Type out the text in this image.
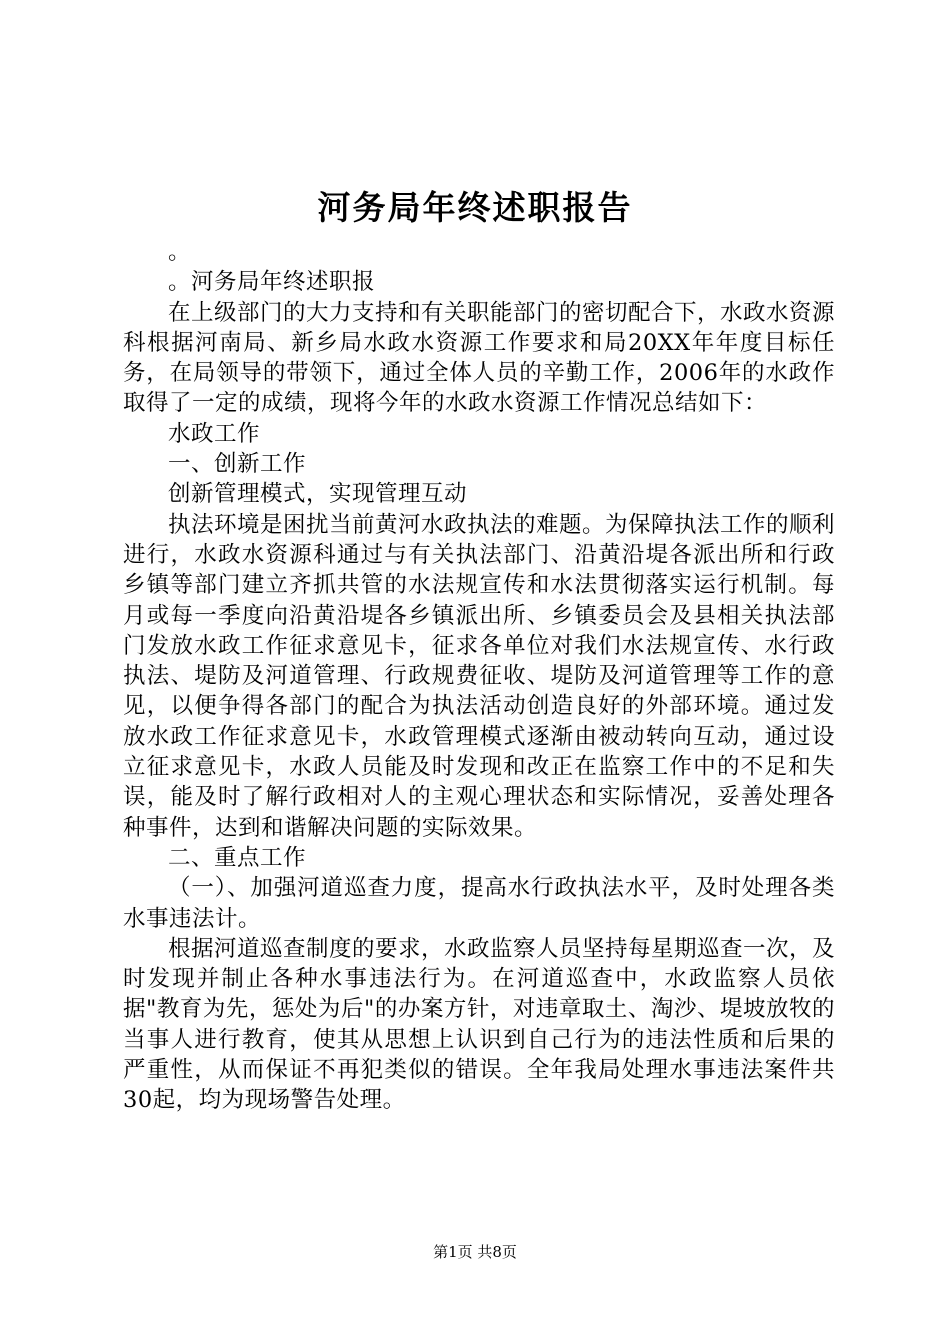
河务局年终述职报告

。

。河务局年终述职报

在上级部门的大力支持和有关职能部门的密切配合下，水政水资源科根据河南局、新乡局水政水资源工作要求和局20XX年年度目标任务，在局领导的带领下，通过全体人员的辛勤工作，2006年的水政作取得了一定的成绩，现将今年的水政水资源工作情况总结如下：

水政工作

一、创新工作

创新管理模式，实现管理互动

执法环境是困扰当前黄河水政执法的难题。为保障执法工作的顺利进行，水政水资源科通过与有关执法部门、沿黄沿堤各派出所和行政乡镇等部门建立齐抓共管的水法规宣传和水法贯彻落实运行机制。每月或每一季度向沿黄沿堤各乡镇派出所、乡镇委员会及县相关执法部门发放水政工作征求意见卡，征求各单位对我们水法规宣传、水行政执法、堤防及河道管理、行政规费征收、堤防及河道管理等工作的意见，以便争得各部门的配合为执法活动创造良好的外部环境。通过发放水政工作征求意见卡，水政管理模式逐渐由被动转向互动，通过设立征求意见卡，水政人员能及时发现和改正在监察工作中的不足和失误，能及时了解行政相对人的主观心理状态和实际情况，妥善处理各种事件，达到和谐解决问题的实际效果。

二、重点工作

（一）、加强河道巡查力度，提高水行政执法水平，及时处理各类水事违法计。

根据河道巡查制度的要求，水政监察人员坚持每星期巡查一次，及时发现并制止各种水事违法行为。在河道巡查中，水政监察人员依据"教育为先，惩处为后"的办案方针，对违章取土、淘沙、堤坡放牧的当事人进行教育，使其从思想上认识到自己行为的违法性质和后果的严重性，从而保证不再犯类似的错误。全年我局处理水事违法案件共30起，均为现场警告处理。

第1页 共8页
